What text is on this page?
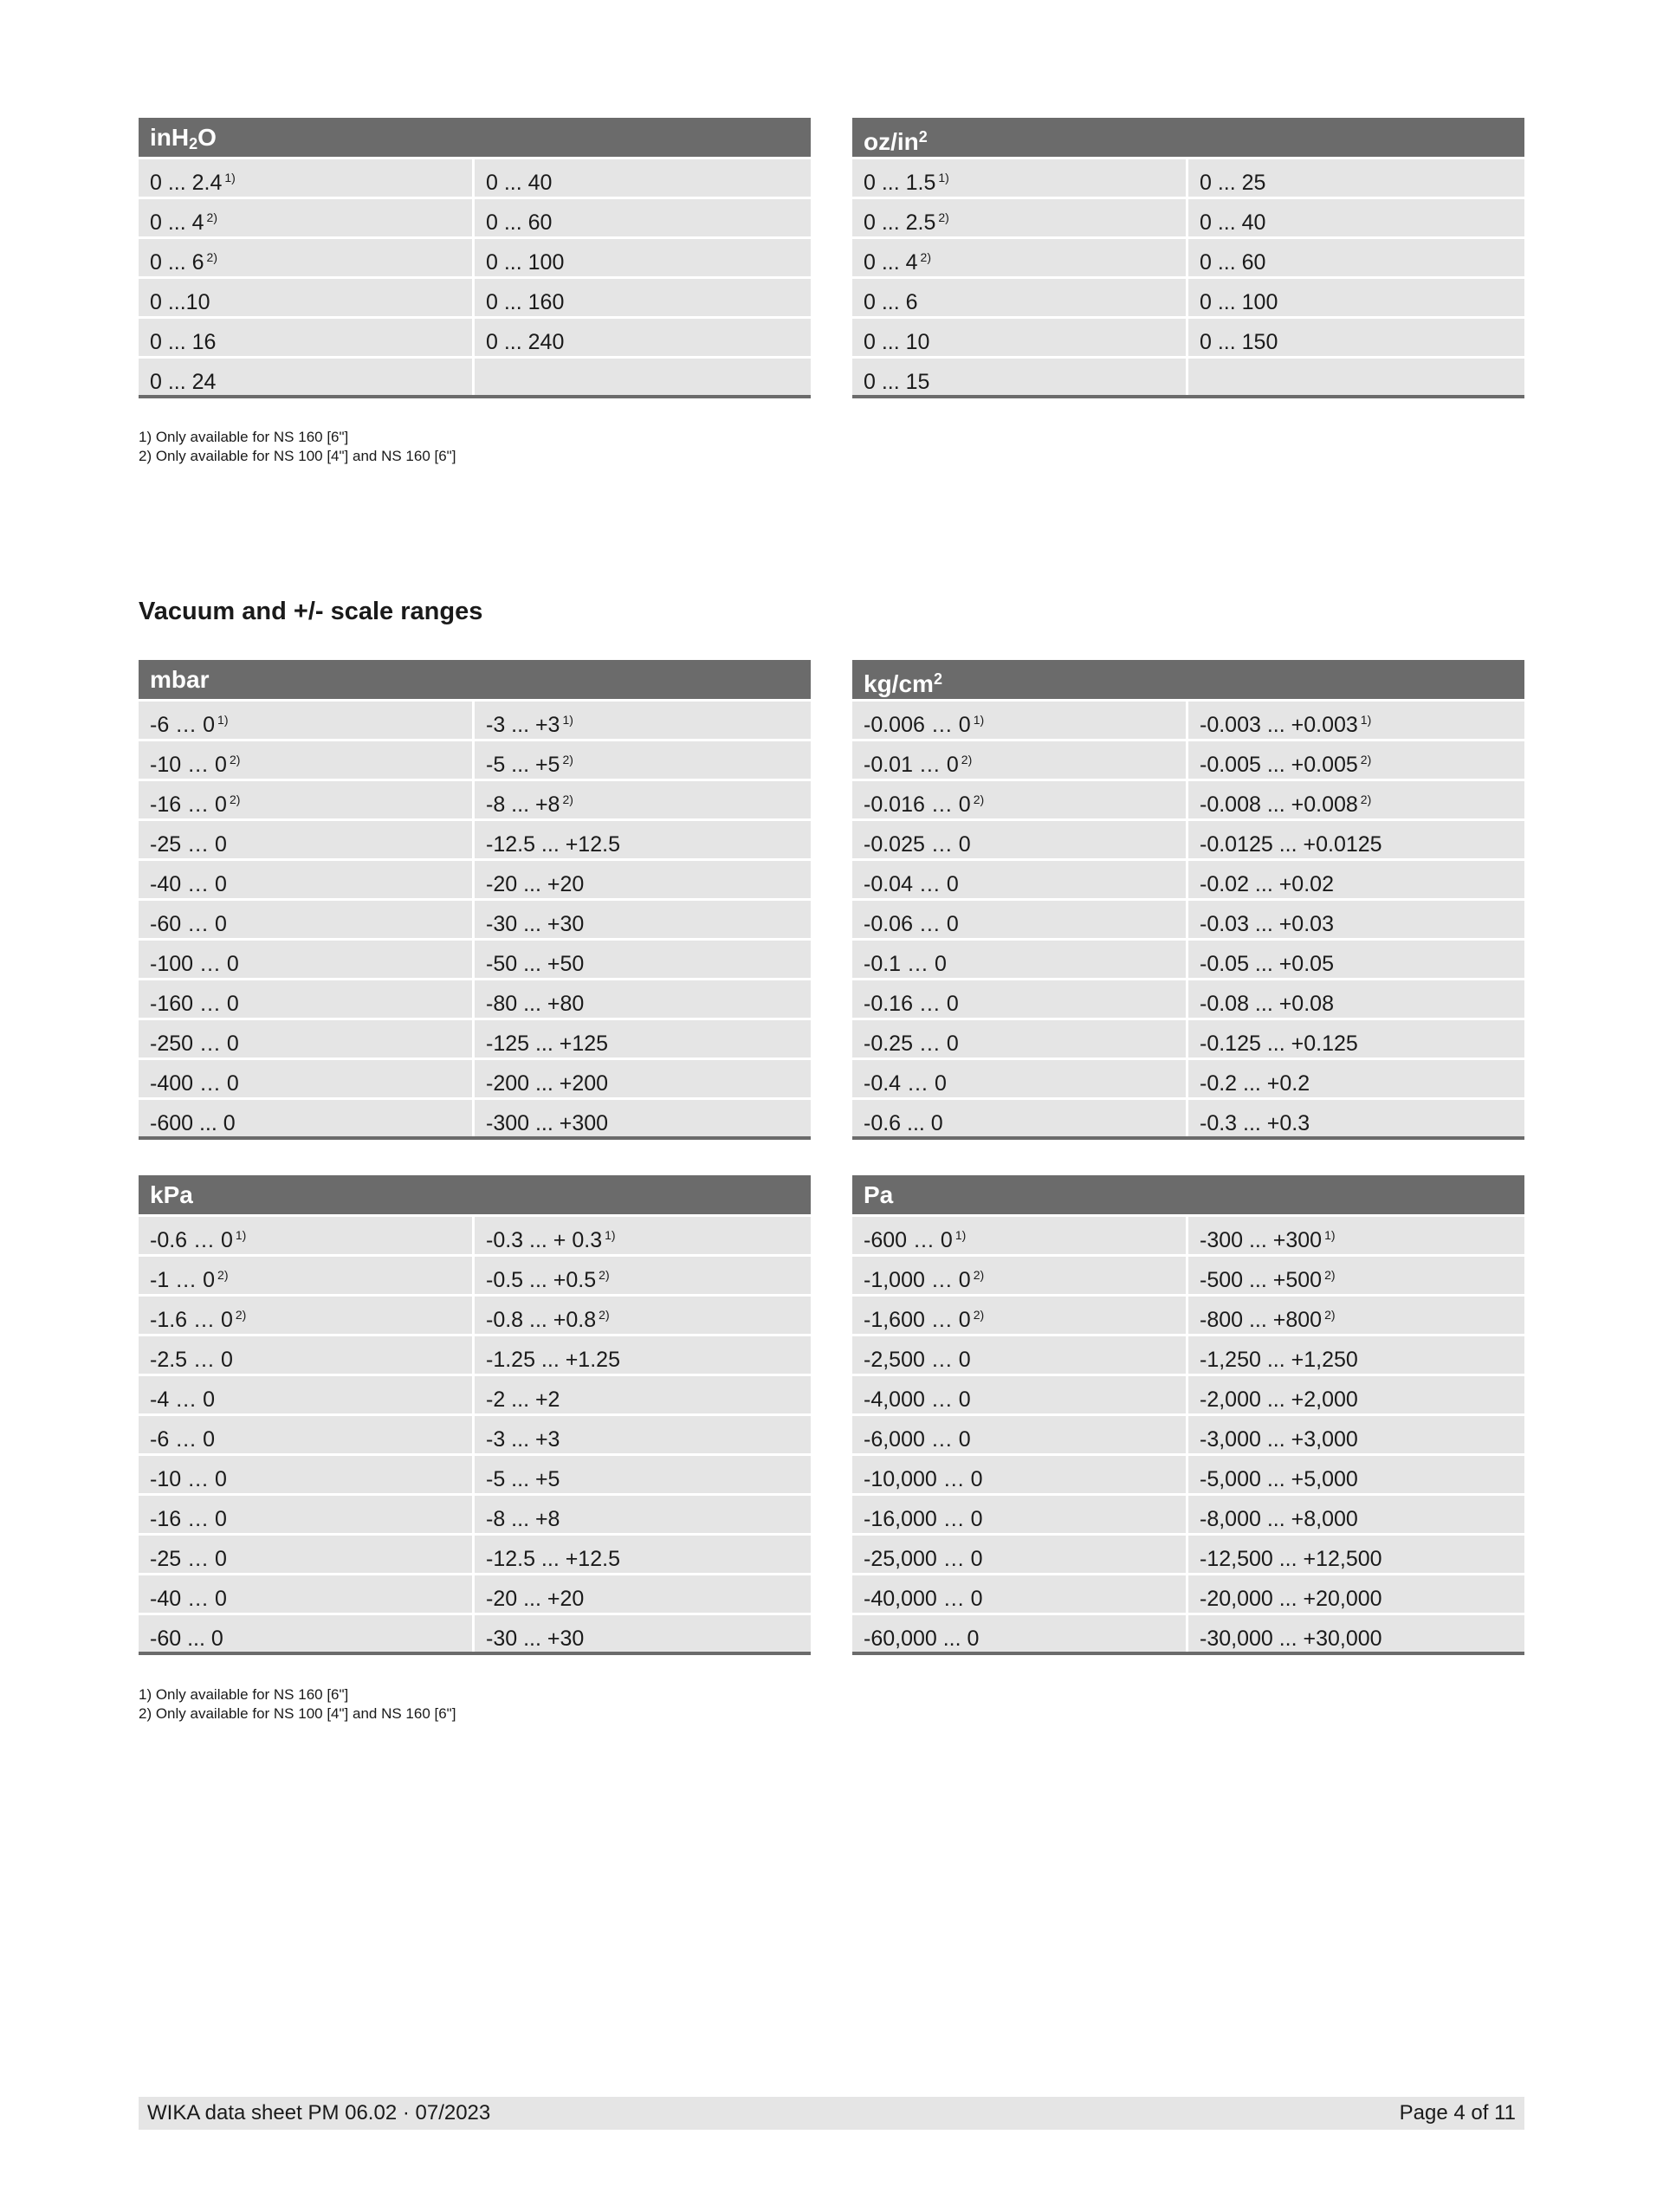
inH$_2$O
0 ... 2.4 $^{1)}$	0 ... 40
0 ... 4 $^{2)}$	0 ... 60
0 ... 6 $^{2)}$	0 ... 100
0 ...10	0 ... 160
0 ... 16	0 ... 240
0 ... 24
$oz/in^2$
0 ... 1.5 $^{1)}$	0 ... 25
0 ... 2.5 $^{2)}$	0 ... 40
0 ... 4 $^{2)}$	0 ... 60
0 ... 6	0 ... 100
0 ... 10	0 ... 150
0 ... 15
1) Only available for NS 160 [6"]
2) Only available for NS 100 [4"] and NS 160 [6"]
Vacuum and +/- scale ranges
mbar
-6 … 0 $^{1)}$	-3 ... +3 $^{1)}$
-10 … 0 $^{2)}$	-5 ... +5 $^{2)}$
-16 … 0 $^{2)}$	-8 ... +8 $^{2)}$
-25 … 0	-12.5 ... +12.5
-40 … 0	-20 ... +20
-60 … 0	-30 ... +30
-100 … 0	-50 ... +50
-160 … 0	-80 ... +80
-250 … 0	-125 ... +125
-400 … 0	-200 ... +200
-600 ... 0	-300 ... +300
$kg/cm^2$
-0.006 … 0 $^{1)}$	-0.003 ... +0.003 $^{1)}$
-0.01 … 0 $^{2)}$	-0.005 ... +0.005 $^{2)}$
-0.016 … 0 $^{2)}$	-0.008 ... +0.008 $^{2)}$
-0.025 … 0	-0.0125 ... +0.0125
-0.04 … 0	-0.02 ... +0.02
-0.06 … 0	-0.03 ... +0.03
-0.1 … 0	-0.05 ... +0.05
-0.16 … 0	-0.08 ... +0.08
-0.25 … 0	-0.125 ... +0.125
-0.4 … 0	-0.2 ... +0.2
-0.6 ... 0	-0.3 ... +0.3
kPa
-0.6 … 0 $^{1)}$	-0.3 ... + 0.3 $^{1)}$
-1 … 0 $^{2)}$	-0.5 ... +0.5 $^{2)}$
-1.6 … 0 $^{2)}$	-0.8 ... +0.8 $^{2)}$
-2.5 … 0	-1.25 ... +1.25
-4 … 0	-2 ... +2
-6 … 0	-3 ... +3
-10 … 0	-5 ... +5
-16 … 0	-8 ... +8
-25 … 0	-12.5 ... +12.5
-40 … 0	-20 ... +20
-60 ... 0	-30 ... +30
Pa
-600 … 0 $^{1)}$	-300 ... +300 $^{1)}$
-1,000 … 0 $^{2)}$	-500 ... +500 $^{2)}$
-1,600 … 0 $^{2)}$	-800 ... +800 $^{2)}$
-2,500 … 0	-1,250 ... +1,250
-4,000 … 0	-2,000 ... +2,000
-6,000 … 0	-3,000 ... +3,000
-10,000 … 0	-5,000 ... +5,000
-16,000 … 0	-8,000 ... +8,000
-25,000 … 0	-12,500 ... +12,500
-40,000 … 0	-20,000 ... +20,000
-60,000 ... 0	-30,000 ... +30,000
1) Only available for NS 160 [6"]
2) Only available for NS 100 [4"] and NS 160 [6"]
WIKA data sheet PM 06.02 · 07/2023	Page 4 of 11
